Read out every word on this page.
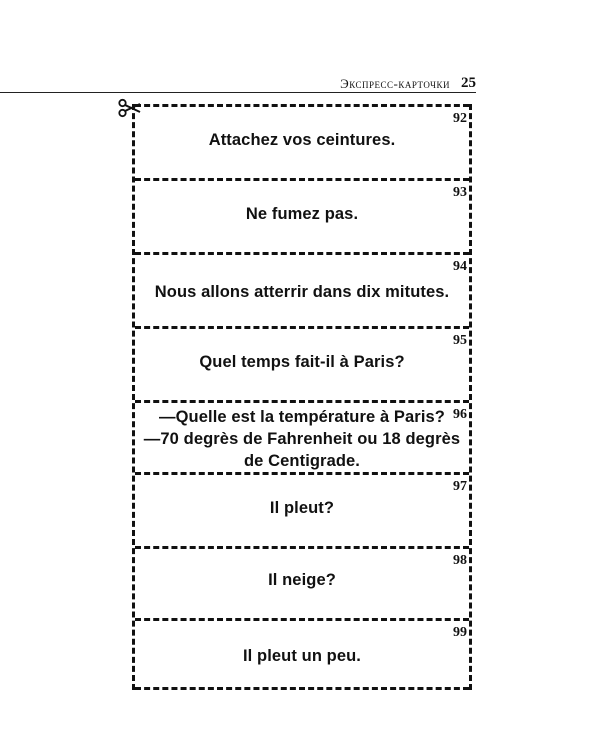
Экспресс-карточки 25
92
Attachez vos ceintures.
93
Ne fumez pas.
94
Nous allons atterrir dans dix mitutes.
95
Quel temps fait-il à Paris?
96
—Quelle est la température à Paris?
—70 degrès de Fahrenheit ou 18 degrès
de Centigrade.
97
Il pleut?
98
Il neige?
99
Il pleut un peu.
